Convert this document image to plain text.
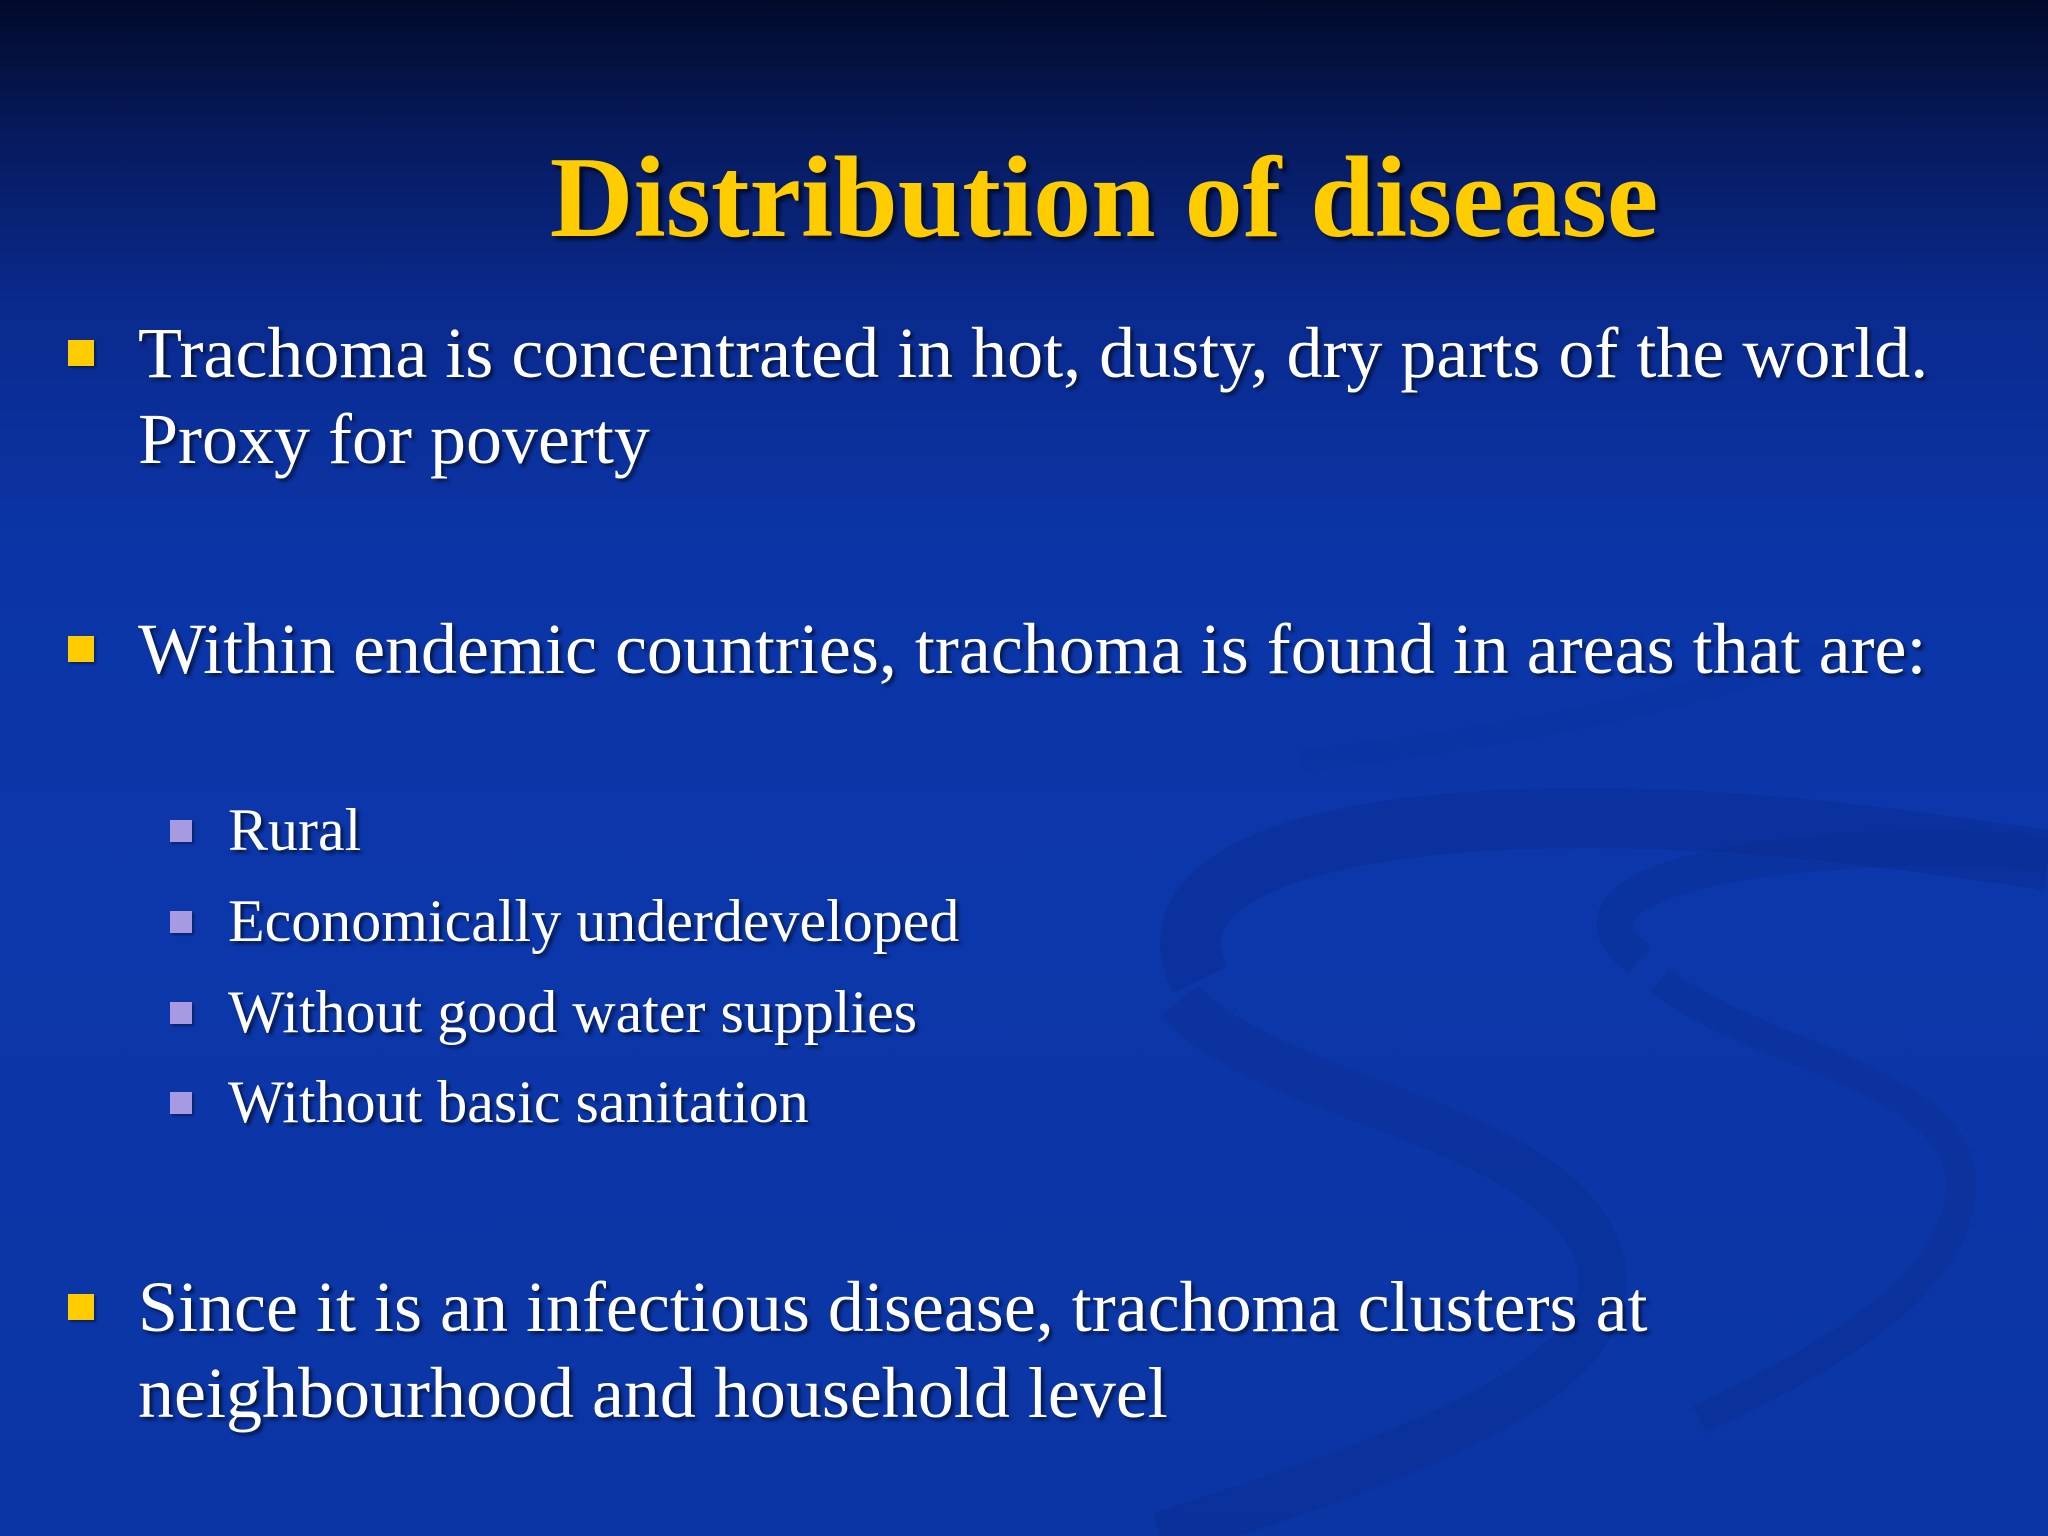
Distribution of disease
Trachoma is concentrated in hot, dusty, dry parts of the world. Proxy for poverty
Within endemic countries, trachoma is found in areas that are:
Rural
Economically underdeveloped
Without good water supplies
Without basic sanitation
Since it is an infectious disease, trachoma clusters at neighbourhood and household level
